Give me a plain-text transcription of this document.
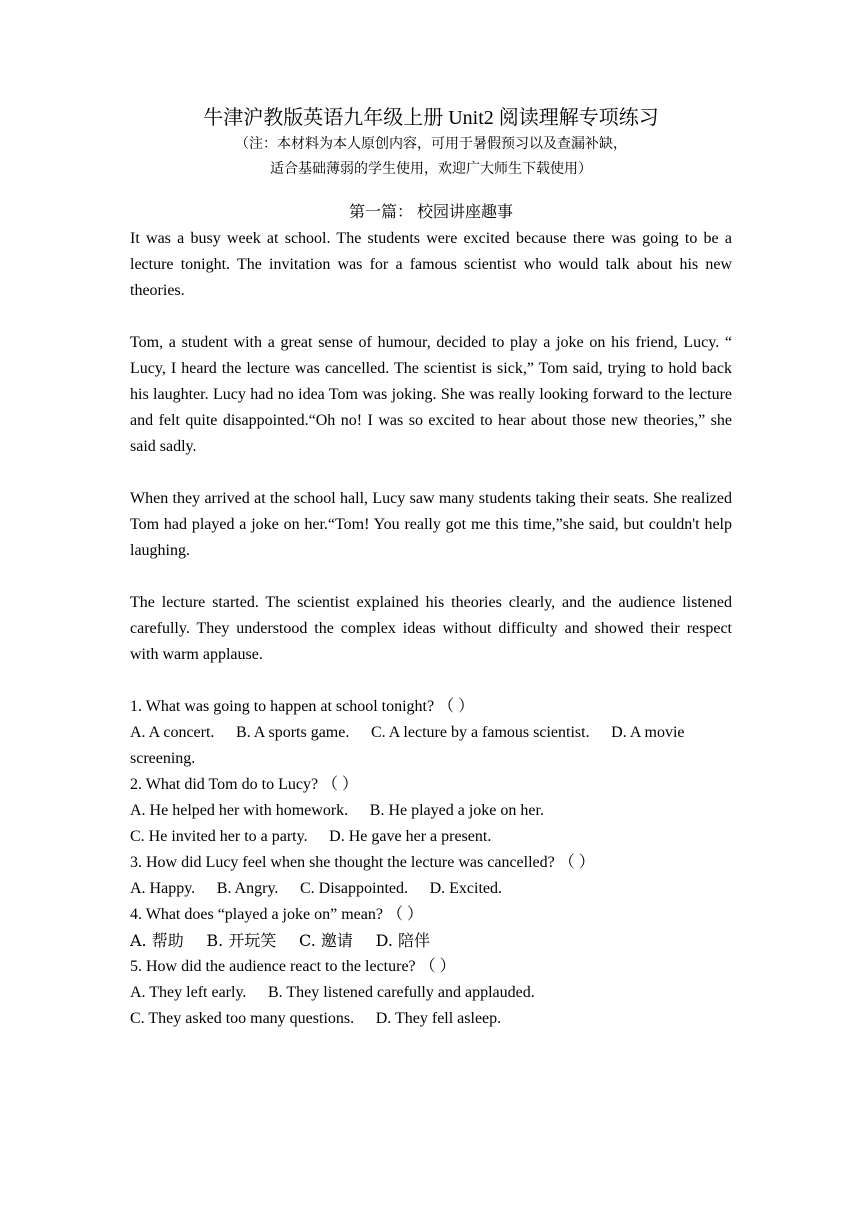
牛津沪教版英语九年级上册 Unit2 阅读理解专项练习

（注：本材料为本人原创内容，可用于暑假预习以及查漏补缺，

适合基础薄弱的学生使用，欢迎广大师生下载使用）

第一篇： 校园讲座趣事

It was a busy week at school. The students were excited because there was going to be a lecture tonight. The invitation was for a famous scientist who would talk about his new theories.

Tom, a student with a great sense of humour, decided to play a joke on his friend, Lucy. “ Lucy, I heard the lecture was cancelled. The scientist is sick,” Tom said, trying to hold back his laughter. Lucy had no idea Tom was joking. She was really looking forward to the lecture and felt quite disappointed.“Oh no! I was so excited to hear about those new theories,” she said sadly.

When they arrived at the school hall, Lucy saw many students taking their seats. She realized Tom had played a joke on her.“Tom! You really got me this time,”she said, but couldn't help laughing.

The lecture started. The scientist explained his theories clearly, and the audience listened carefully. They understood the complex ideas without difficulty and showed their respect with warm applause.

1. What was going to happen at school tonight? （ ）

A. A concert. B. A sports game. C. A lecture by a famous scientist. D. A movie screening.

2. What did Tom do to Lucy? （ ）

A. He helped her with homework. B. He played a joke on her.

C. He invited her to a party. D. He gave her a present.

3. How did Lucy feel when she thought the lecture was cancelled? （ ）

A. Happy. B. Angry. C. Disappointed. D. Excited.

4. What does “played a joke on” mean? （ ）

A. 帮助 B. 开玩笑 C. 邀请 D. 陪伴

5. How did the audience react to the lecture? （ ）

A. They left early. B. They listened carefully and applauded.

C. They asked too many questions. D. They fell asleep.
